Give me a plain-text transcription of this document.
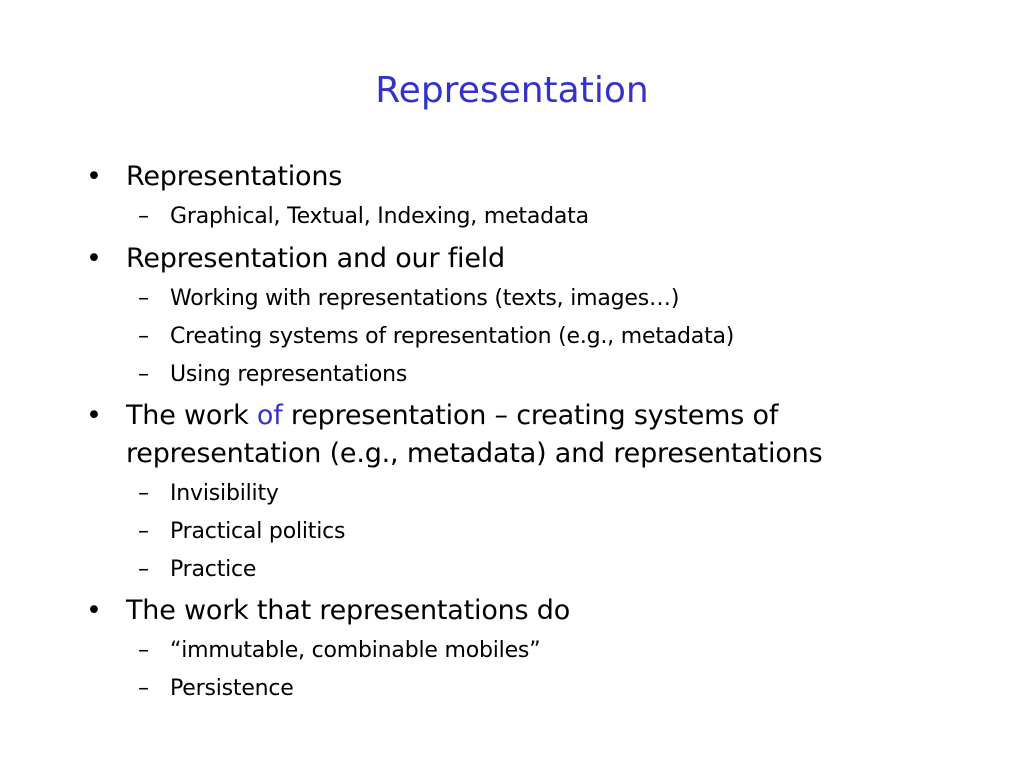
Representation
• Representations
– Graphical, Textual, Indexing, metadata
• Representation and our field
– Working with representations (texts, images…)
– Creating systems of representation (e.g., metadata)
– Using representations
• The work of representation – creating systems of representation (e.g., metadata) and representations
– Invisibility
– Practical politics
– Practice
• The work that representations do
– “immutable, combinable mobiles”
– Persistence
